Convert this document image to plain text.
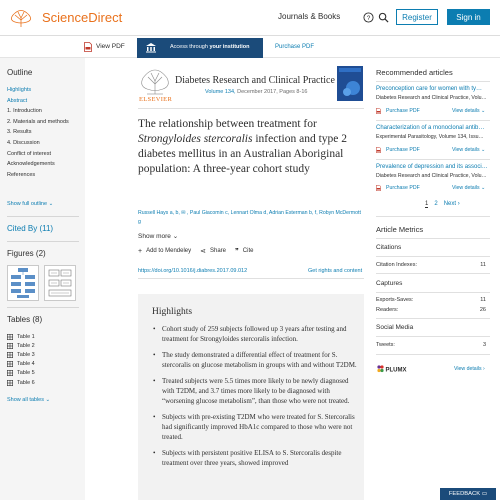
ScienceDirect	Journals & Books	?	Register	Sign in
View PDF	Access through your institution	Purchase PDF
Outline
Highlights
Abstract
1. Introduction
2. Materials and methods
3. Results
4. Discussion
Conflict of interest
Acknowledgements
References
Show full outline ⌄
Cited By (11)
Figures (2)
Tables (8)
Table 1
Table 2
Table 3
Table 4
Table 5
Table 6
Show all tables ⌄
ELSEVIER
Diabetes Research and Clinical Practice
Volume 134, December 2017, Pages 8-16
The relationship between treatment for Strongyloides stercoralis infection and type 2 diabetes mellitus in an Australian Aboriginal population: A three-year cohort study
Russell Hays a, b, ✉ , Paul Giacomin c, Lennart Olma d, Adrian Esterman b, f, Robyn McDermott g
Show more ⌄
+ Add to Mendeley ⋖ Share ❞ Cite
https://doi.org/10.1016/j.diabres.2017.09.012	Get rights and content
Highlights
• Cohort study of 259 subjects followed up 3 years after testing and treatment for Strongyloides stercoralis infection.
• The study demonstrated a differential effect of treatment for S. stercoralis on glucose metabolism in groups with and without T2DM.
• Treated subjects were 5.5 times more likely to be newly diagnosed with T2DM, and 3.7 times more likely to be diagnosed with “worsening glucose metabolism”, than those who were not treated.
• Subjects with pre-existing T2DM who were treated for S. Stercoralis had significantly improved HbA1c compared to those who were not treated.
• Subjects with persistent positive ELISA to S. Stercoralis despite treatment over three years, showed improved
Recommended articles
Preconception care for women with ty…
Diabetes Research and Clinical Practice, Volu…
Purchase PDF	View details ⌄
Characterization of a monoclonal antib…
Experimental Parasitology, Volume 134, Issu…
Purchase PDF	View details ⌄
Prevalence of depression and its associ…
Diabetes Research and Clinical Practice, Volu…
Purchase PDF	View details ⌄
1 2 Next ›
Article Metrics
Citations
Citation Indexes:	11
Captures
Exports-Saves:	11
Readers:	26
Social Media
Tweets:	3
PLUMX	View details ›
FEEDBACK
▭
